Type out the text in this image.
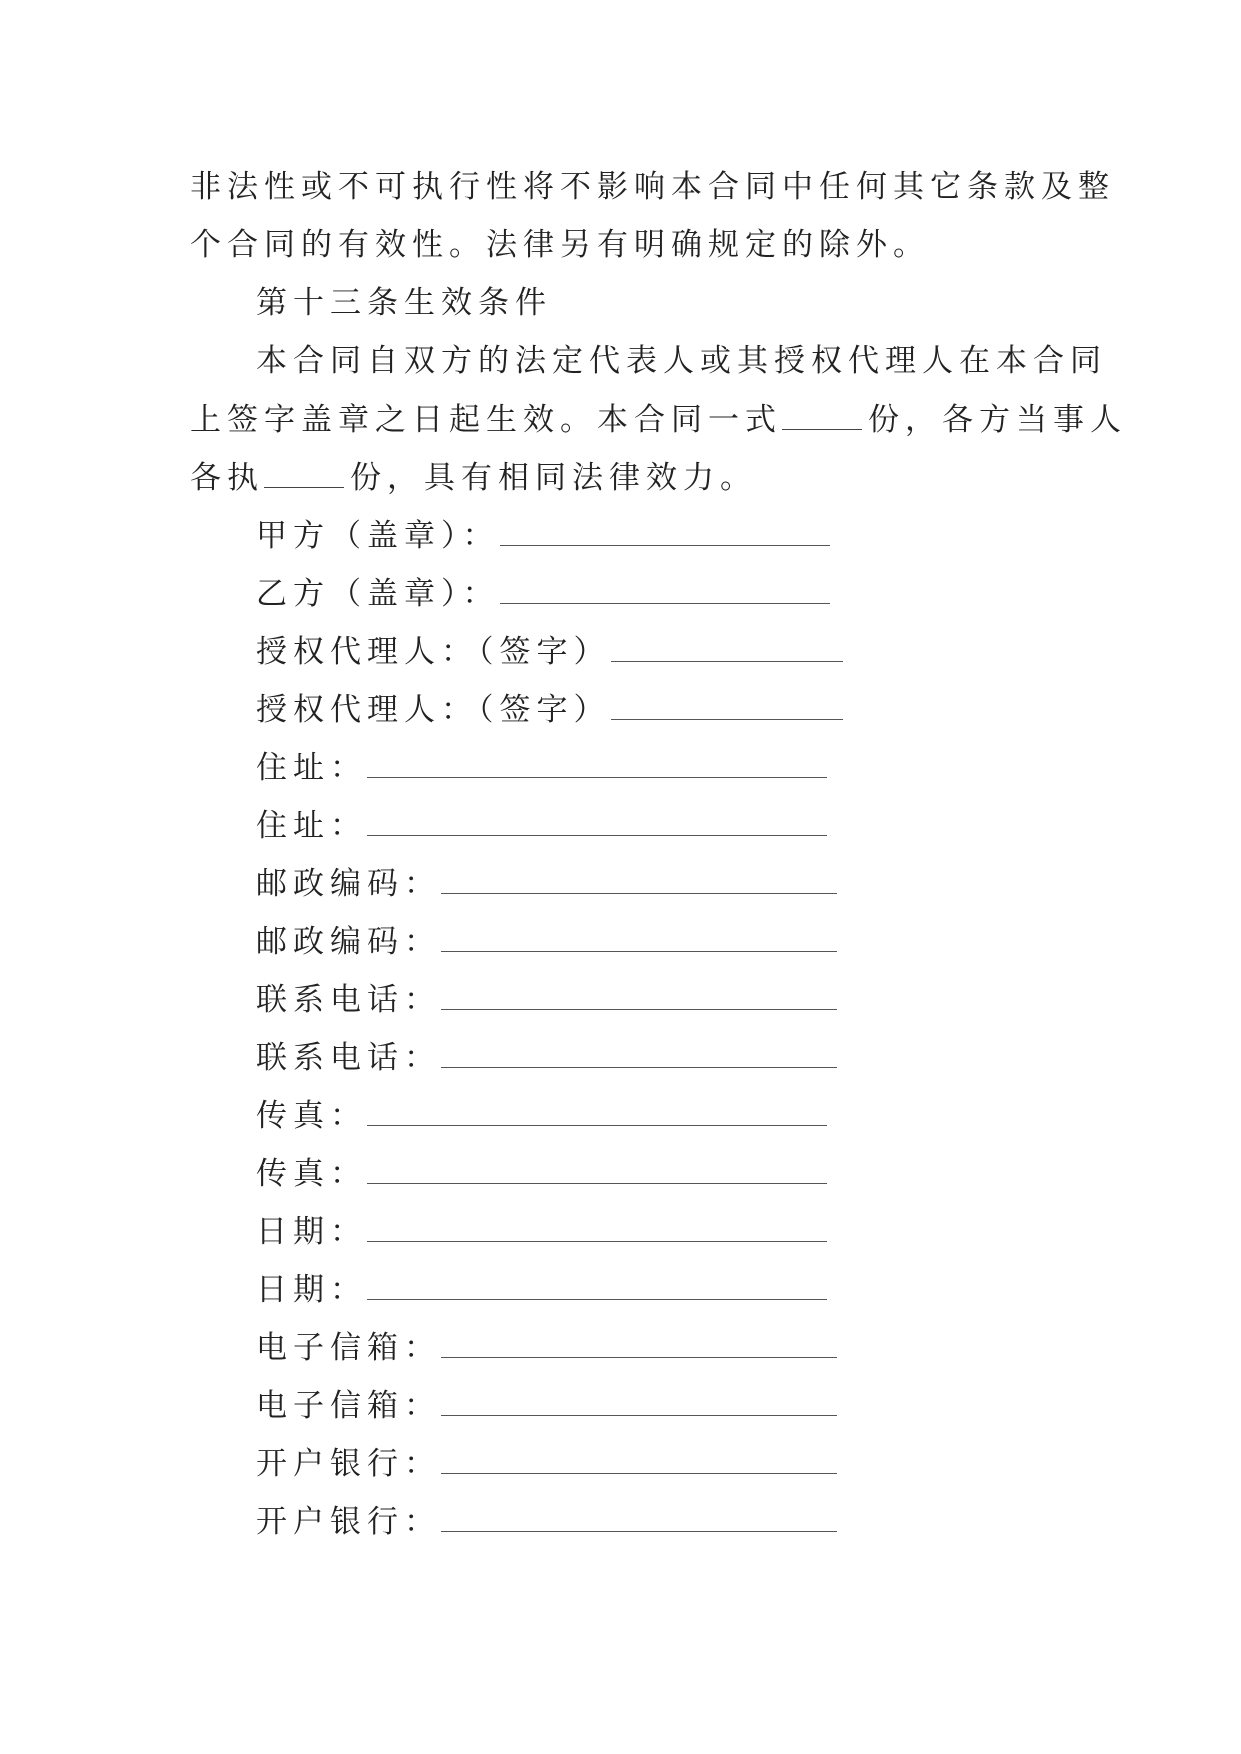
非法性或不可执行性将不影响本合同中任何其它条款及整
个合同的有效性。法律另有明确规定的除外。
第十三条生效条件
本合同自双方的法定代表人或其授权代理人在本合同
上签字盖章之日起生效。本合同一式	份，各方当事人
各执	份，具有相同法律效力。
甲方（盖章）：
乙方（盖章）：
授权代理人：（签字）
授权代理人：（签字）
住址：
住址：
邮政编码：
邮政编码：
联系电话：
联系电话：
传真：
传真：
日期：
日期：
电子信箱：
电子信箱：
开户银行：
开户银行：
